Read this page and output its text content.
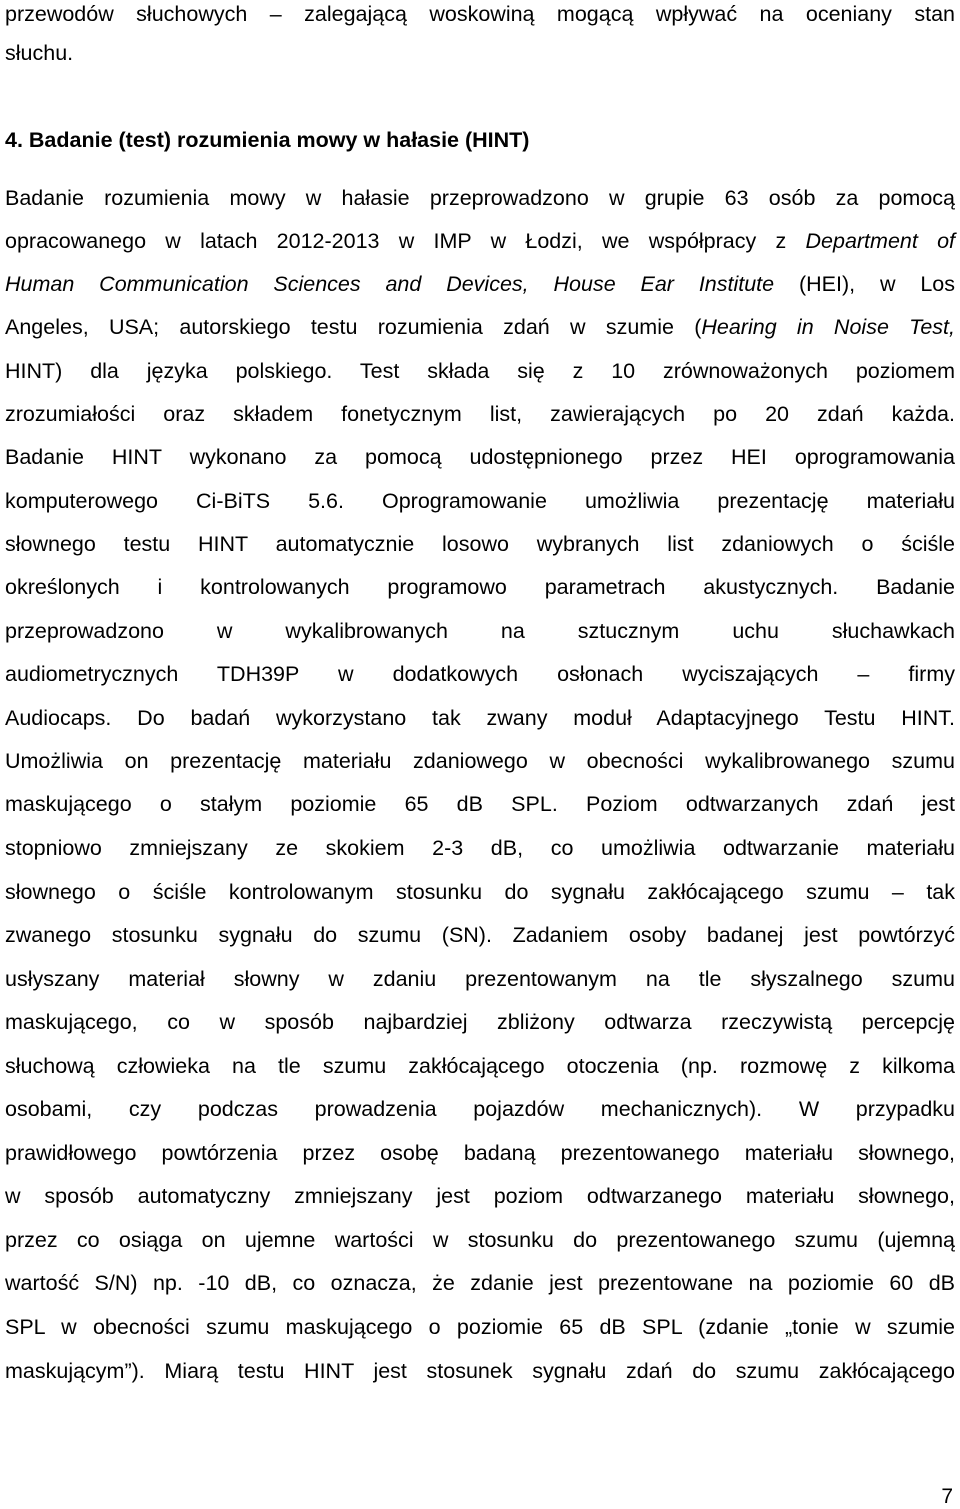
przewodów słuchowych – zalegającą woskowiną mogącą wpływać na oceniany stan
słuchu.
4. Badanie (test) rozumienia mowy w hałasie (HINT)
Badanie rozumienia mowy w hałasie przeprowadzono w grupie 63 osób za pomocą
opracowanego w latach 2012-2013 w IMP w Łodzi, we współpracy z Department of
Human Communication Sciences and Devices, House Ear Institute (HEI), w Los
Angeles, USA; autorskiego testu rozumienia zdań w szumie (Hearing in Noise Test,
HINT) dla języka polskiego. Test składa się z 10 zrównoważonych poziomem
zrozumiałości oraz składem fonetycznym list, zawierających po 20 zdań każda.
Badanie HINT wykonano za pomocą udostępnionego przez HEI oprogramowania
komputerowego Ci-BiTS 5.6. Oprogramowanie umożliwia prezentację materiału
słownego testu HINT automatycznie losowo wybranych list zdaniowych o ściśle
określonych i kontrolowanych programowo parametrach akustycznych. Badanie
przeprowadzono w wykalibrowanych na sztucznym uchu słuchawkach
audiometrycznych TDH39P w dodatkowych osłonach wyciszających – firmy
Audiocaps. Do badań wykorzystano tak zwany moduł Adaptacyjnego Testu HINT.
Umożliwia on prezentację materiału zdaniowego w obecności wykalibrowanego szumu
maskującego o stałym poziomie 65 dB SPL. Poziom odtwarzanych zdań jest
stopniowo zmniejszany ze skokiem 2-3 dB, co umożliwia odtwarzanie materiału
słownego o ściśle kontrolowanym stosunku do sygnału zakłócającego szumu – tak
zwanego stosunku sygnału do szumu (SN). Zadaniem osoby badanej jest powtórzyć
usłyszany materiał słowny w zdaniu prezentowanym na tle słyszalnego szumu
maskującego, co w sposób najbardziej zbliżony odtwarza rzeczywistą percepcję
słuchową człowieka na tle szumu zakłócającego otoczenia (np. rozmowę z kilkoma
osobami, czy podczas prowadzenia pojazdów mechanicznych). W przypadku
prawidłowego powtórzenia przez osobę badaną prezentowanego materiału słownego,
w sposób automatyczny zmniejszany jest poziom odtwarzanego materiału słownego,
przez co osiąga on ujemne wartości w stosunku do prezentowanego szumu (ujemną
wartość S/N) np. -10 dB, co oznacza, że zdanie jest prezentowane na poziomie 60 dB
SPL w obecności szumu maskującego o poziomie 65 dB SPL (zdanie „tonie w szumie
maskującym”). Miarą testu HINT jest stosunek sygnału zdań do szumu zakłócającego
7
